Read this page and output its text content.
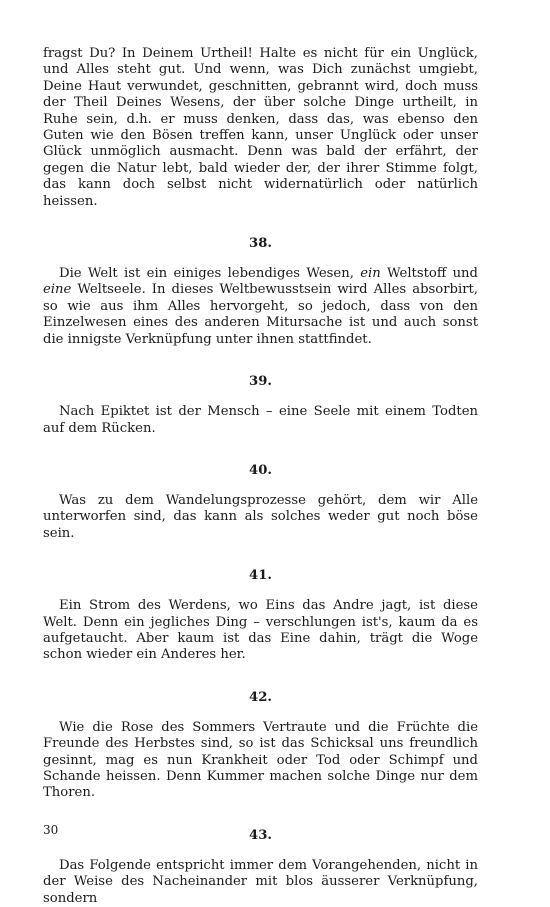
fragst Du? In Deinem Urtheil! Halte es nicht für ein Unglück, und Alles steht gut. Und wenn, was Dich zunächst umgiebt, Deine Haut verwundet, geschnitten, gebrannt wird, doch muss der Theil Deines Wesens, der über solche Dinge urtheilt, in Ruhe sein, d.h. er muss denken, dass das, was ebenso den Guten wie den Bösen treffen kann, unser Unglück oder unser Glück unmöglich ausmacht. Denn was bald der erfährt, der gegen die Natur lebt, bald wieder der, der ihrer Stimme folgt, das kann doch selbst nicht widernatürlich oder natürlich heissen.

38.

Die Welt ist ein einiges lebendiges Wesen, ein Weltstoff und eine Weltseele. In dieses Weltbewusstsein wird Alles absorbirt, so wie aus ihm Alles hervorgeht, so jedoch, dass von den Einzelwesen eines des anderen Mitursache ist und auch sonst die innigste Verknüpfung unter ihnen stattfindet.

39.

Nach Epiktet ist der Mensch – eine Seele mit einem Todten auf dem Rücken.

40.

Was zu dem Wandelungsprozesse gehört, dem wir Alle unterworfen sind, das kann als solches weder gut noch böse sein.

41.

Ein Strom des Werdens, wo Eins das Andre jagt, ist diese Welt. Denn ein jegliches Ding – verschlungen ist's, kaum da es aufgetaucht. Aber kaum ist das Eine dahin, trägt die Woge schon wieder ein Anderes her.

42.

Wie die Rose des Sommers Vertraute und die Früchte die Freunde des Herbstes sind, so ist das Schicksal uns freundlich gesinnt, mag es nun Krankheit oder Tod oder Schimpf und Schande heissen. Denn Kummer machen solche Dinge nur dem Thoren.

43.

Das Folgende entspricht immer dem Vorangehenden, nicht in der Weise des Nacheinander mit blos äusserer Verknüpfung, sondern

30
